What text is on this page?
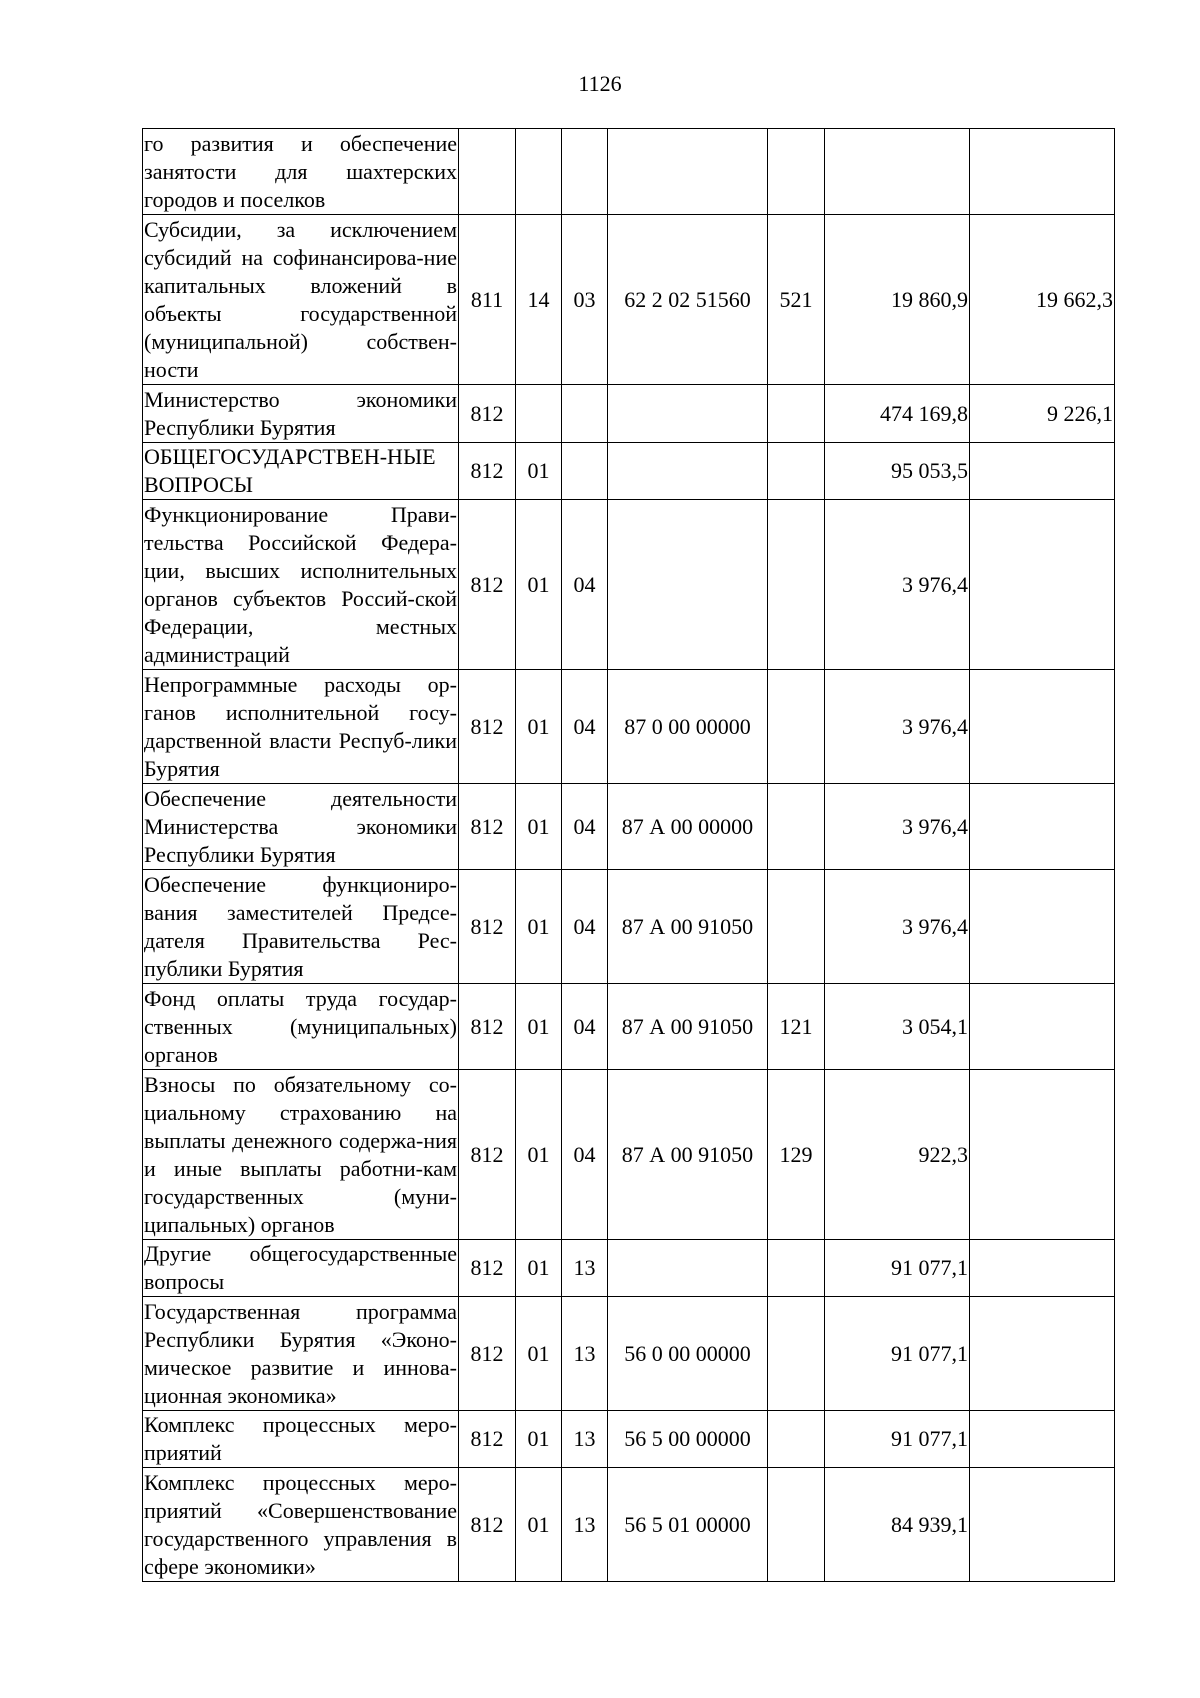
1126
го развития и обеспечение занятости для шахтерских городов и поселков							
Субсидии, за исключением субсидий на софинансирова-ние капитальных вложений в объекты государственной (муниципальной) собствен-ности	811	14	03	62 2 02 51560	521	19 860,9	19 662,3
Министерство экономики Республики Бурятия	812					474 169,8	9 226,1
ОБЩЕГОСУДАРСТВЕН-НЫЕ ВОПРОСЫ	812	01				95 053,5	
Функционирование Прави-тельства Российской Федера-ции, высших исполнительных органов субъектов Россий-ской Федерации, местных администраций	812	01	04			3 976,4	
Непрограммные расходы ор-ганов исполнительной госу-дарственной власти Респуб-лики Бурятия	812	01	04	87 0 00 00000		3 976,4	
Обеспечение деятельности Министерства экономики Республики Бурятия	812	01	04	87 А 00 00000		3 976,4	
Обеспечение функциониро-вания заместителей Предсе-дателя Правительства Рес-публики Бурятия	812	01	04	87 А 00 91050		3 976,4	
Фонд оплаты труда государ-ственных (муниципальных) органов	812	01	04	87 А 00 91050	121	3 054,1	
Взносы по обязательному со-циальному страхованию на выплаты денежного содержа-ния и иные выплаты работни-кам государственных (муни-ципальных) органов	812	01	04	87 А 00 91050	129	922,3	
Другие общегосударственные вопросы	812	01	13			91 077,1	
Государственная программа Республики Бурятия «Эконо-мическое развитие и иннова-ционная экономика»	812	01	13	56 0 00 00000		91 077,1	
Комплекс процессных меро-приятий	812	01	13	56 5 00 00000		91 077,1	
Комплекс процессных меро-приятий «Совершенствование государственного управления в сфере экономики»	812	01	13	56 5 01 00000		84 939,1	
